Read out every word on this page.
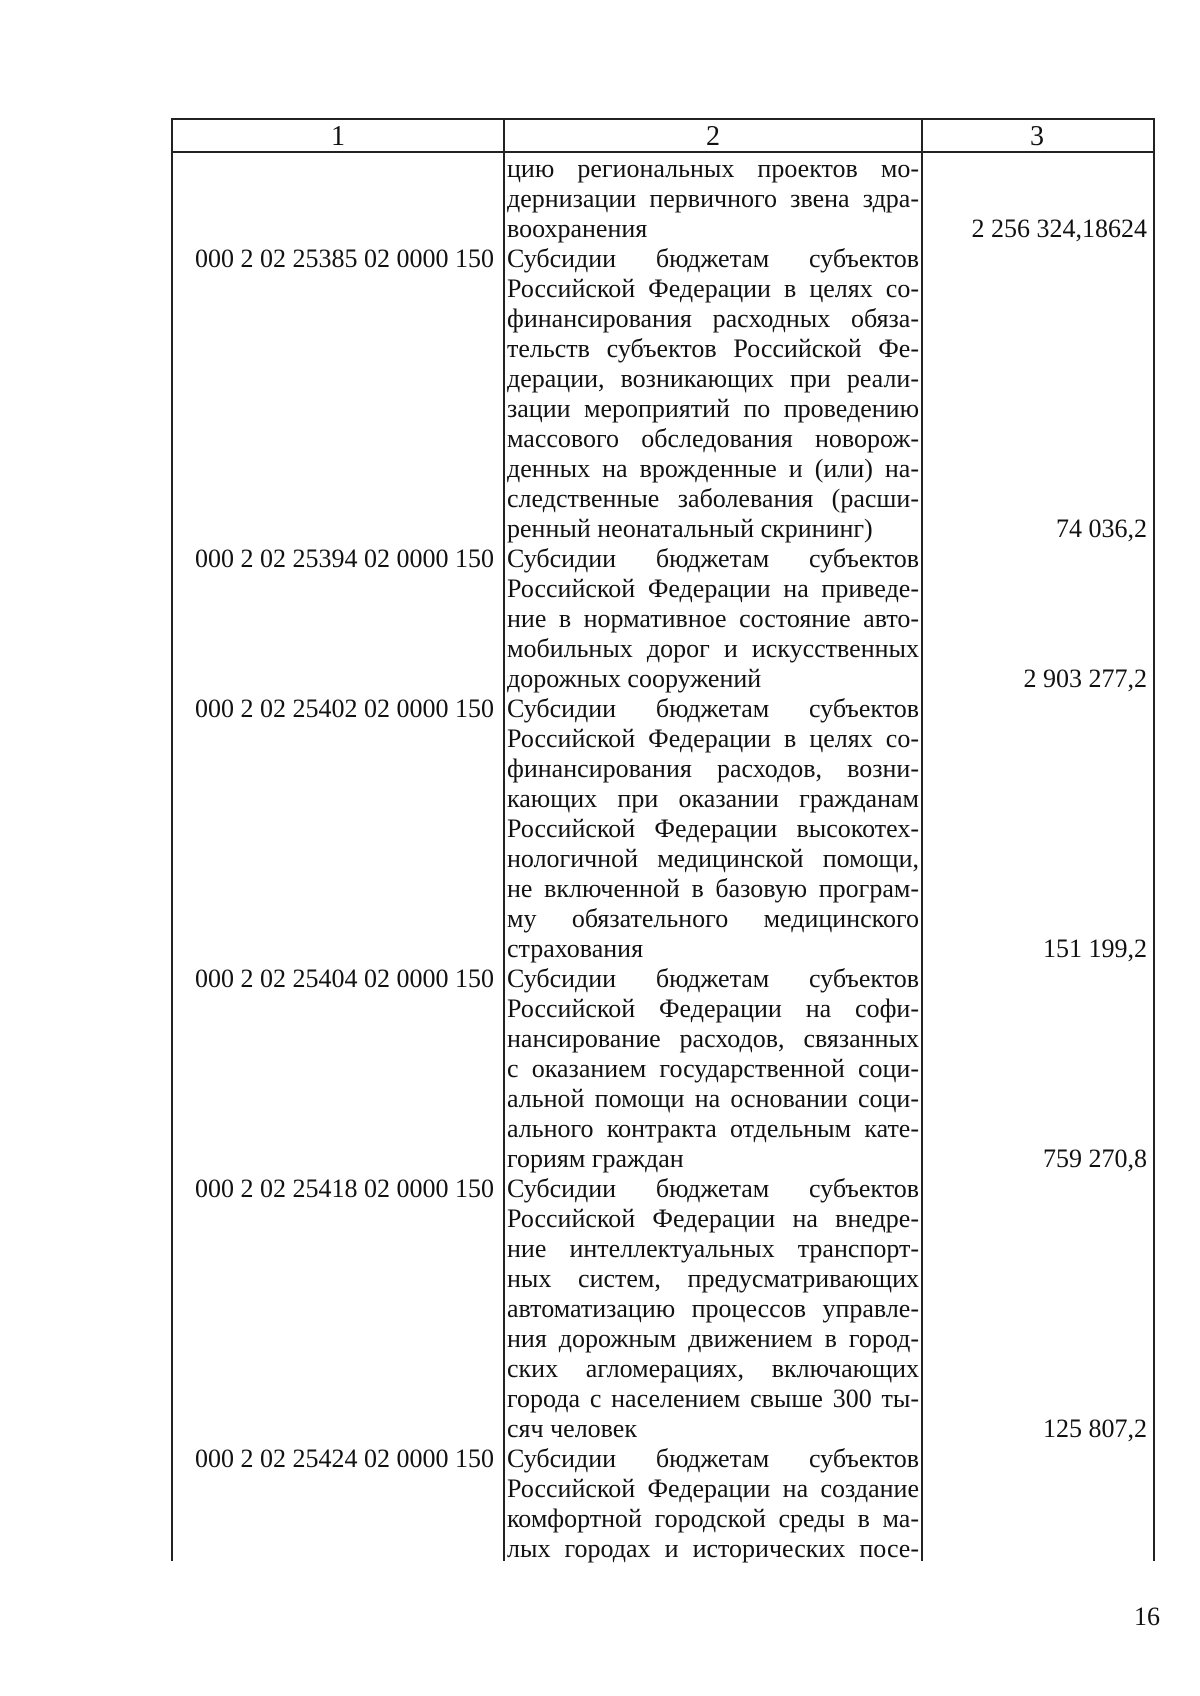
1	2	3
цию региональных проектов мо-
дернизации первичного звена здра-
воохранения	2 256 324,18624
000 2 02 25385 02 0000 150 Субсидии бюджетам субъектов
Российской Федерации в целях со-
финансирования расходных обяза-
тельств субъектов Российской Фе-
дерации, возникающих при реали-
зации мероприятий по проведению
массового обследования новорож-
денных на врожденные и (или) на-
следственные заболевания (расши-
ренный неонатальный скрининг)	74 036,2
000 2 02 25394 02 0000 150 Субсидии бюджетам субъектов
Российской Федерации на приведе-
ние в нормативное состояние авто-
мобильных дорог и искусственных
дорожных сооружений	2 903 277,2
000 2 02 25402 02 0000 150 Субсидии бюджетам субъектов
Российской Федерации в целях со-
финансирования расходов, возни-
кающих при оказании гражданам
Российской Федерации высокотех-
нологичной медицинской помощи,
не включенной в базовую програм-
му обязательного медицинского
страхования	151 199,2
000 2 02 25404 02 0000 150 Субсидии бюджетам субъектов
Российской Федерации на софи-
нансирование расходов, связанных
с оказанием государственной соци-
альной помощи на основании соци-
ального контракта отдельным кате-
гориям граждан	759 270,8
000 2 02 25418 02 0000 150 Субсидии бюджетам субъектов
Российской Федерации на внедре-
ние интеллектуальных транспорт-
ных систем, предусматривающих
автоматизацию процессов управле-
ния дорожным движением в город-
ских агломерациях, включающих
города с населением свыше 300 ты-
сяч человек	125 807,2
000 2 02 25424 02 0000 150 Субсидии бюджетам субъектов
Российской Федерации на создание
комфортной городской среды в ма-
лых городах и исторических посе-
16
